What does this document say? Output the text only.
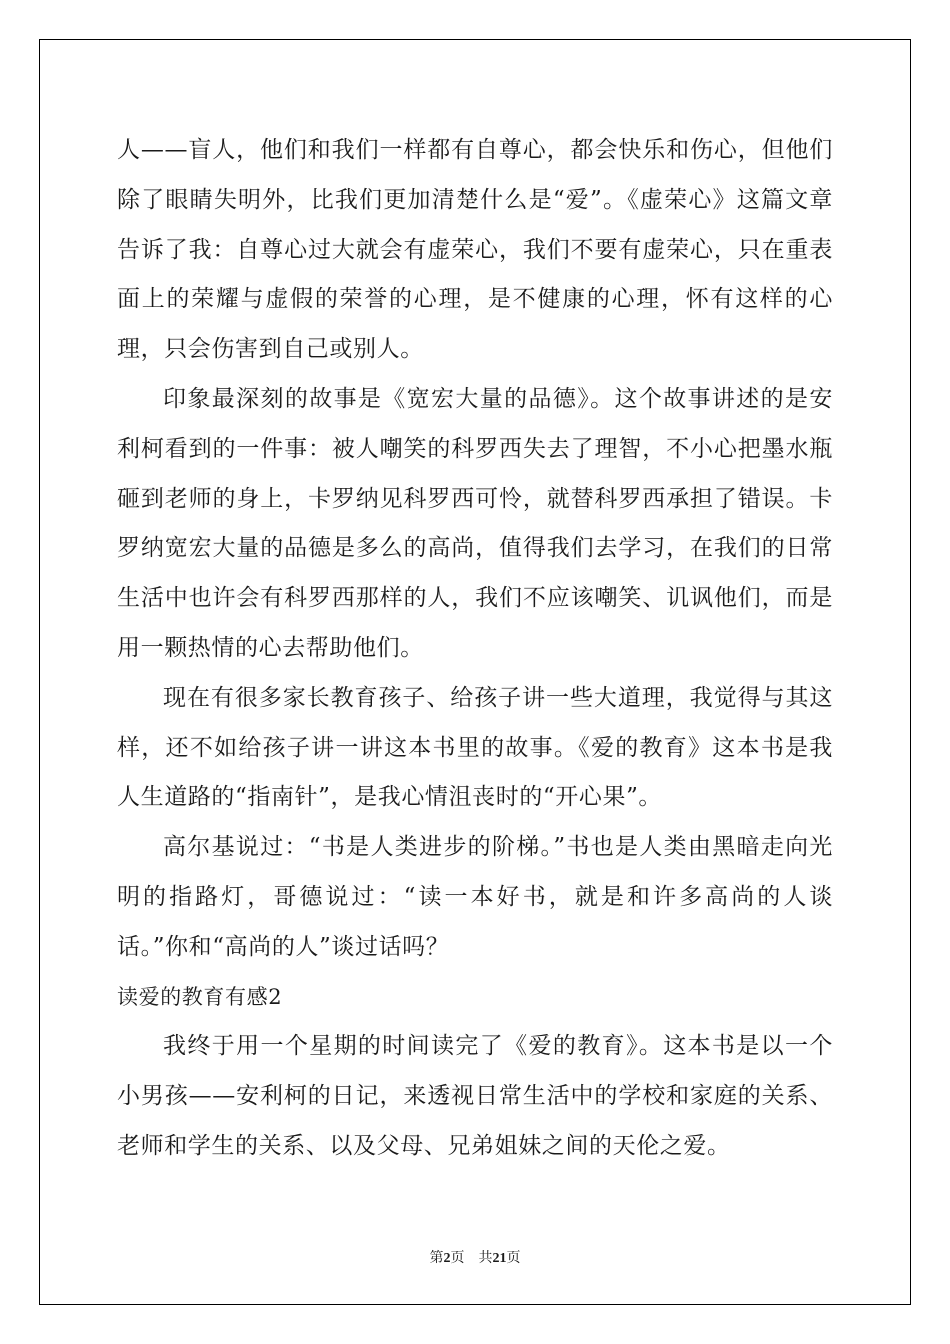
人——盲人，他们和我们一样都有自尊心，都会快乐和伤心，但他们除了眼睛失明外，比我们更加清楚什么是“爱”。《虚荣心》这篇文章告诉了我：自尊心过大就会有虚荣心，我们不要有虚荣心，只在重表面上的荣耀与虚假的荣誉的心理，是不健康的心理，怀有这样的心理，只会伤害到自己或别人。

印象最深刻的故事是《宽宏大量的品德》。这个故事讲述的是安利柯看到的一件事：被人嘲笑的科罗西失去了理智，不小心把墨水瓶砸到老师的身上，卡罗纳见科罗西可怜，就替科罗西承担了错误。卡罗纳宽宏大量的品德是多么的高尚，值得我们去学习，在我们的日常生活中也许会有科罗西那样的人，我们不应该嘲笑、讥讽他们，而是用一颗热情的心去帮助他们。

现在有很多家长教育孩子、给孩子讲一些大道理，我觉得与其这样，还不如给孩子讲一讲这本书里的故事。《爱的教育》这本书是我人生道路的“指南针”，是我心情沮丧时的“开心果”。

高尔基说过：“书是人类进步的阶梯。”书也是人类由黑暗走向光明的指路灯，哥德说过：“读一本好书，就是和许多高尚的人谈话。”你和“高尚的人”谈过话吗？

读爱的教育有感2

我终于用一个星期的时间读完了《爱的教育》。这本书是以一个小男孩——安利柯的日记，来透视日常生活中的学校和家庭的关系、老师和学生的关系、以及父母、兄弟姐妹之间的天伦之爱。

第2页　共21页
